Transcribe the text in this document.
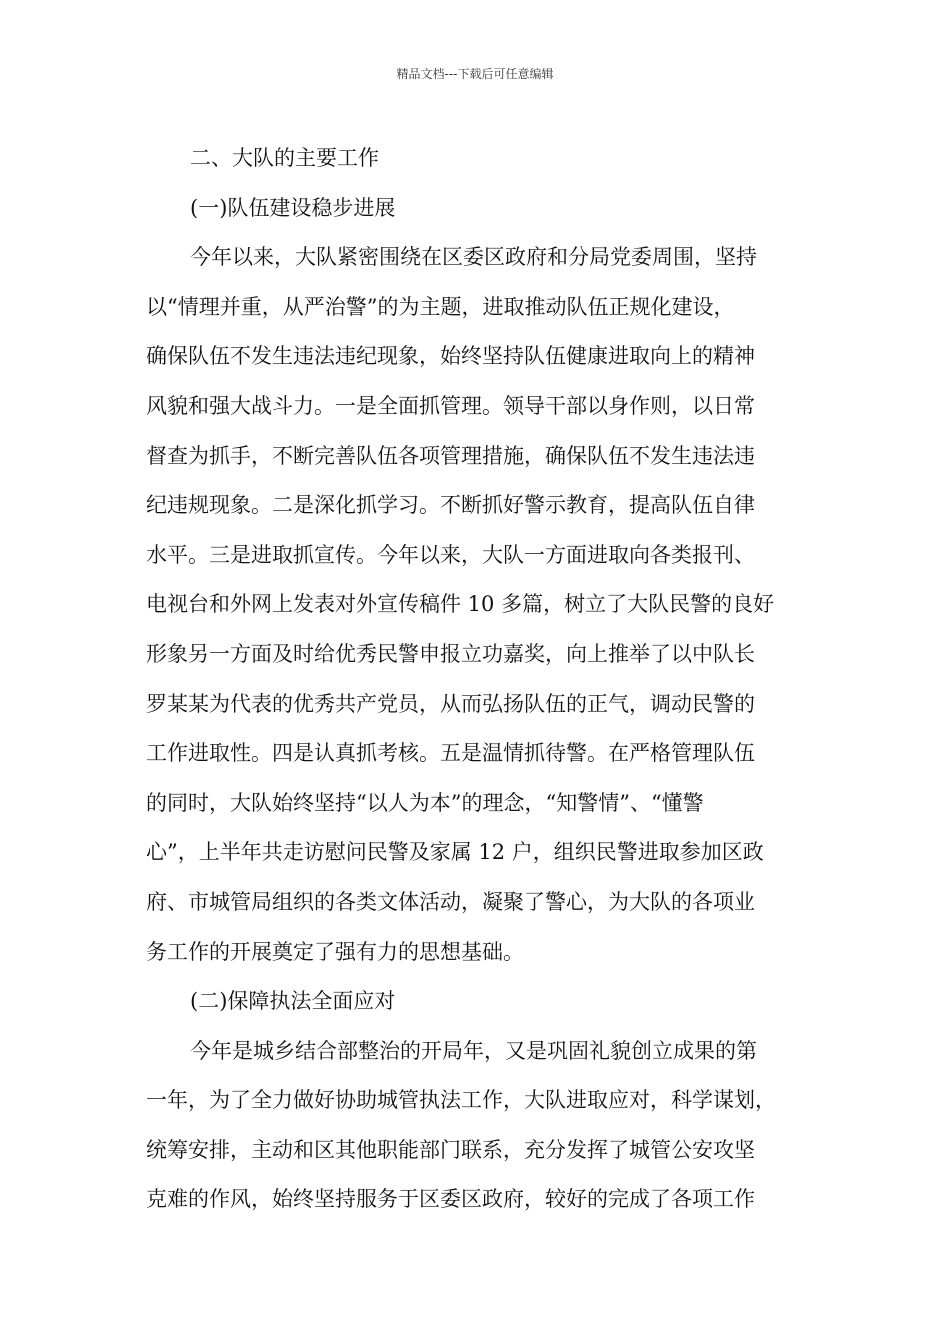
精品文档---下载后可任意编辑
二、大队的主要工作
(一)队伍建设稳步进展
今年以来，大队紧密围绕在区委区政府和分局党委周围，坚持
以“情理并重，从严治警”的为主题，进取推动队伍正规化建设，
确保队伍不发生违法违纪现象，始终坚持队伍健康进取向上的精神
风貌和强大战斗力。一是全面抓管理。领导干部以身作则，以日常
督查为抓手，不断完善队伍各项管理措施，确保队伍不发生违法违
纪违规现象。二是深化抓学习。不断抓好警示教育，提高队伍自律
水平。三是进取抓宣传。今年以来，大队一方面进取向各类报刊、
电视台和外网上发表对外宣传稿件 10 多篇，树立了大队民警的良好
形象另一方面及时给优秀民警申报立功嘉奖，向上推举了以中队长
罗某某为代表的优秀共产党员，从而弘扬队伍的正气，调动民警的
工作进取性。四是认真抓考核。五是温情抓待警。在严格管理队伍
的同时，大队始终坚持“以人为本”的理念，“知警情”、“懂警
心”，上半年共走访慰问民警及家属 12 户，组织民警进取参加区政
府、市城管局组织的各类文体活动，凝聚了警心，为大队的各项业
务工作的开展奠定了强有力的思想基础。
(二)保障执法全面应对
今年是城乡结合部整治的开局年，又是巩固礼貌创立成果的第
一年，为了全力做好协助城管执法工作，大队进取应对，科学谋划，
统筹安排，主动和区其他职能部门联系，充分发挥了城管公安攻坚
克难的作风，始终坚持服务于区委区政府，较好的完成了各项工作
